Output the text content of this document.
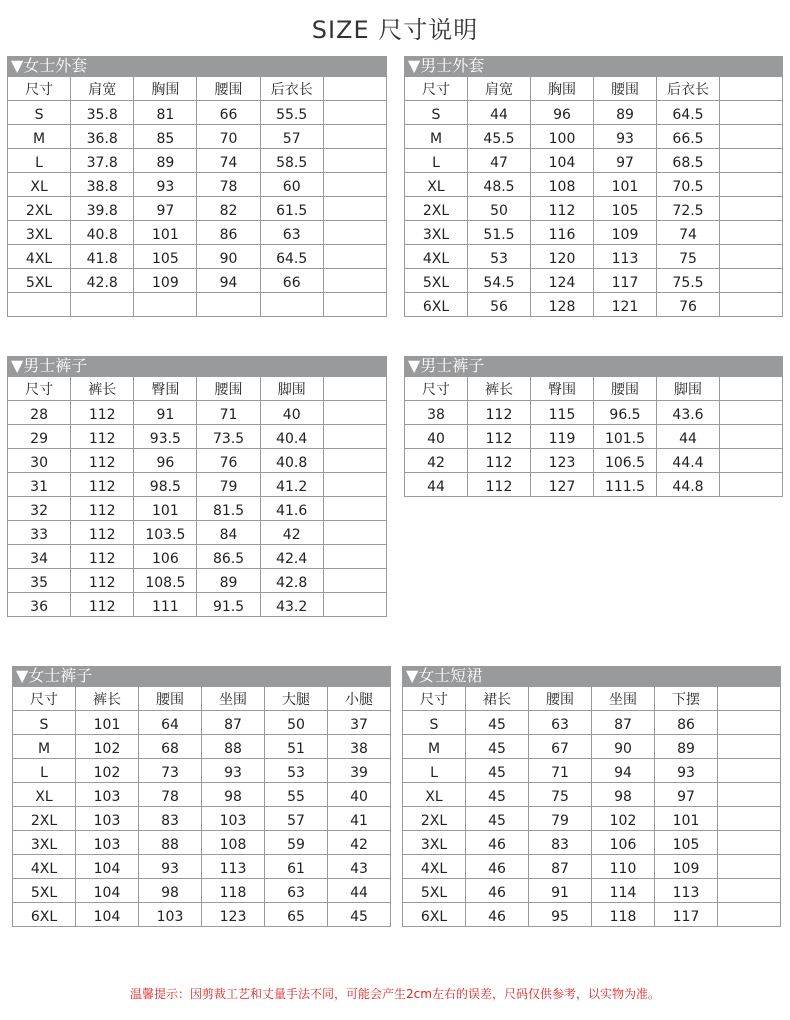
SIZE 尺寸说明
▼女士外套
尺寸	肩宽	胸围	腰围	后衣长	
S	35.8	81	66	55.5	
M	36.8	85	70	57	
L	37.8	89	74	58.5	
XL	38.8	93	78	60	
2XL	39.8	97	82	61.5	
3XL	40.8	101	86	63	
4XL	41.8	105	90	64.5	
5XL	42.8	109	94	66	

▼男士外套
尺寸	肩宽	胸围	腰围	后衣长	
S	44	96	89	64.5	
M	45.5	100	93	66.5	
L	47	104	97	68.5	
XL	48.5	108	101	70.5	
2XL	50	112	105	72.5	
3XL	51.5	116	109	74	
4XL	53	120	113	75	
5XL	54.5	124	117	75.5	
6XL	56	128	121	76	
▼男士裤子
尺寸	裤长	臀围	腰围	脚围	
28	112	91	71	40	
29	112	93.5	73.5	40.4	
30	112	96	76	40.8	
31	112	98.5	79	41.2	
32	112	101	81.5	41.6	
33	112	103.5	84	42	
34	112	106	86.5	42.4	
35	112	108.5	89	42.8	
36	112	111	91.5	43.2	
▼男士裤子
尺寸	裤长	臀围	腰围	脚围	
38	112	115	96.5	43.6	
40	112	119	101.5	44	
42	112	123	106.5	44.4	
44	112	127	111.5	44.8	
▼女士裤子
尺寸	裤长	腰围	坐围	大腿	小腿
S	101	64	87	50	37
M	102	68	88	51	38
L	102	73	93	53	39
XL	103	78	98	55	40
2XL	103	83	103	57	41
3XL	103	88	108	59	42
4XL	104	93	113	61	43
5XL	104	98	118	63	44
6XL	104	103	123	65	45
▼女士短裙
尺寸	裙长	腰围	坐围	下摆	
S	45	63	87	86	
M	45	67	90	89	
L	45	71	94	93	
XL	45	75	98	97	
2XL	45	79	102	101	
3XL	46	83	106	105	
4XL	46	87	110	109	
5XL	46	91	114	113	
6XL	46	95	118	117	
温馨提示：因剪裁工艺和丈量手法不同，可能会产生2cm左右的误差，尺码仅供参考，以实物为准。
